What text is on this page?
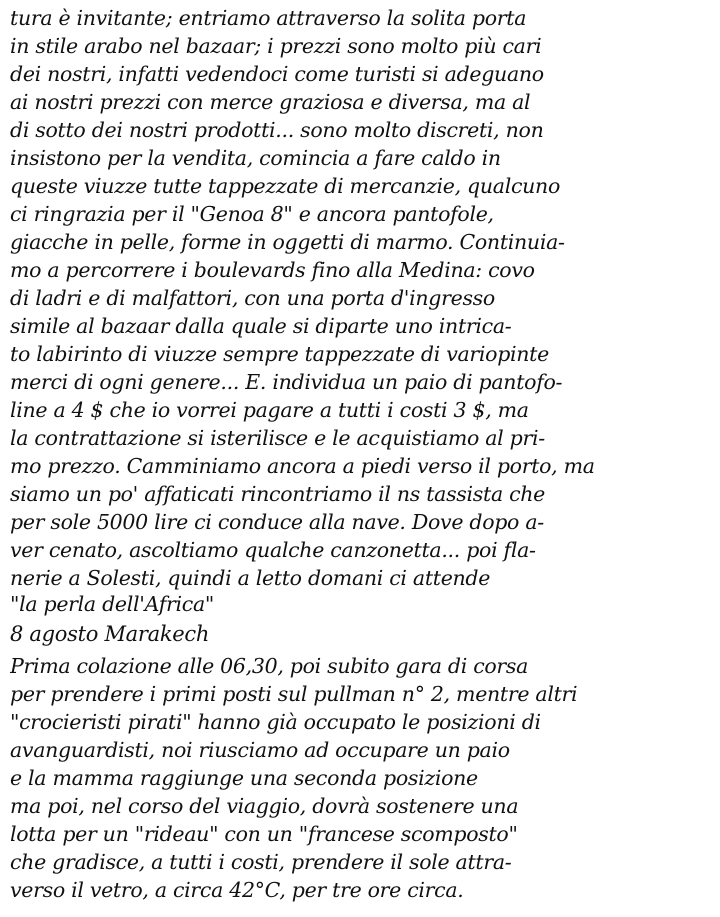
tura è invitante; entriamo attraverso la solita porta
in stile arabo nel bazaar; i prezzi sono molto più cari
dei nostri, infatti vedendoci come turisti si adeguano
ai nostri prezzi con merce graziosa e diversa, ma al
di sotto dei nostri prodotti... sono molto discreti, non
insistono per la vendita, comincia a fare caldo in
queste viuzze tutte tappezzate di mercanzie, qualcuno
ci ringrazia per il "Genoa 8" e ancora pantofole,
giacche in pelle, forme in oggetti di marmo. Continuia-
mo a percorrere i boulevards fino alla Medina: covo
di ladri e di malfattori, con una porta d'ingresso
simile al bazaar dalla quale si diparte uno intrica-
to labirinto di viuzze sempre tappezzate di variopinte
merci di ogni genere... E. individua un paio di pantofo-
line a 4 $ che io vorrei pagare a tutti i costi 3 $, ma
la contrattazione si isterilisce e le acquistiamo al pri-
mo prezzo. Camminiamo ancora a piedi verso il porto, ma
siamo un po' affaticati rincontriamo il ns tassista che
per sole 5000 lire ci conduce alla nave. Dove dopo a-
ver cenato, ascoltiamo qualche canzonetta... poi fla-
nerie a Solesti, quindi a letto domani ci attende
"la perla dell'Africa"
8 agosto Marakech
Prima colazione alle 06,30, poi subito gara di corsa
per prendere i primi posti sul pullman n° 2, mentre altri
"crocieristi pirati" hanno già occupato le posizioni di
avanguardisti, noi riusciamo ad occupare un paio
e la mamma raggiunge una seconda posizione
ma poi, nel corso del viaggio, dovrà sostenere una
lotta per un "rideau" con un "francese scomposto"
che gradisce, a tutti i costi, prendere il sole attra-
verso il vetro, a circa 42°C, per tre ore circa.
